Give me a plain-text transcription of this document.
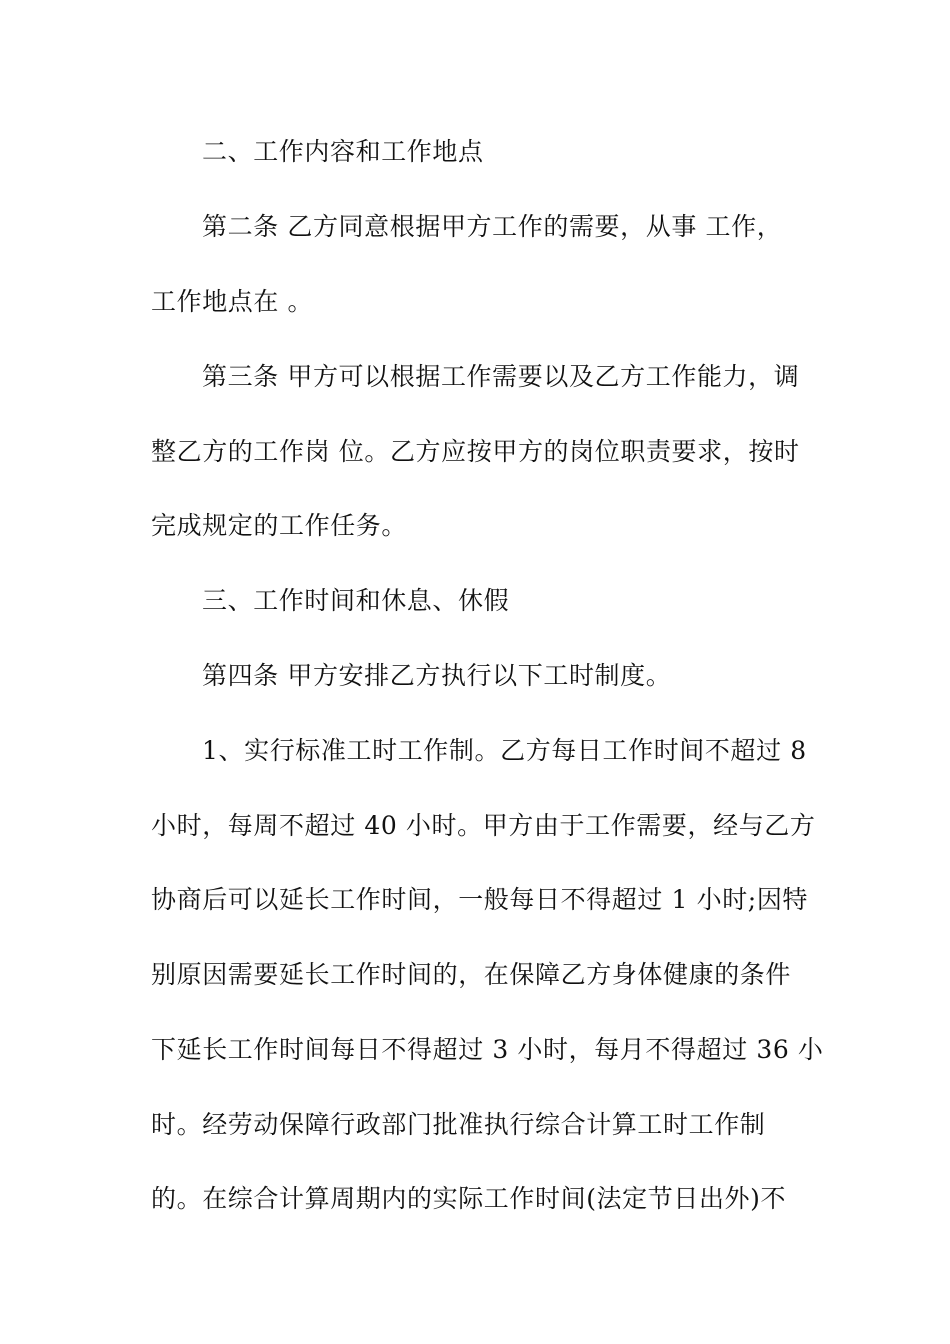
二、工作内容和工作地点
第二条 乙方同意根据甲方工作的需要，从事 工作，
工作地点在 。
第三条 甲方可以根据工作需要以及乙方工作能力，调
整乙方的工作岗 位。乙方应按甲方的岗位职责要求，按时
完成规定的工作任务。
三、工作时间和休息、休假
第四条 甲方安排乙方执行以下工时制度。
1、实行标准工时工作制。乙方每日工作时间不超过 8
小时，每周不超过 40 小时。甲方由于工作需要，经与乙方
协商后可以延长工作时间，一般每日不得超过 1 小时;因特
别原因需要延长工作时间的，在保障乙方身体健康的条件
下延长工作时间每日不得超过 3 小时，每月不得超过 36 小
时。经劳动保障行政部门批准执行综合计算工时工作制
的。在综合计算周期内的实际工作时间(法定节日出外)不
